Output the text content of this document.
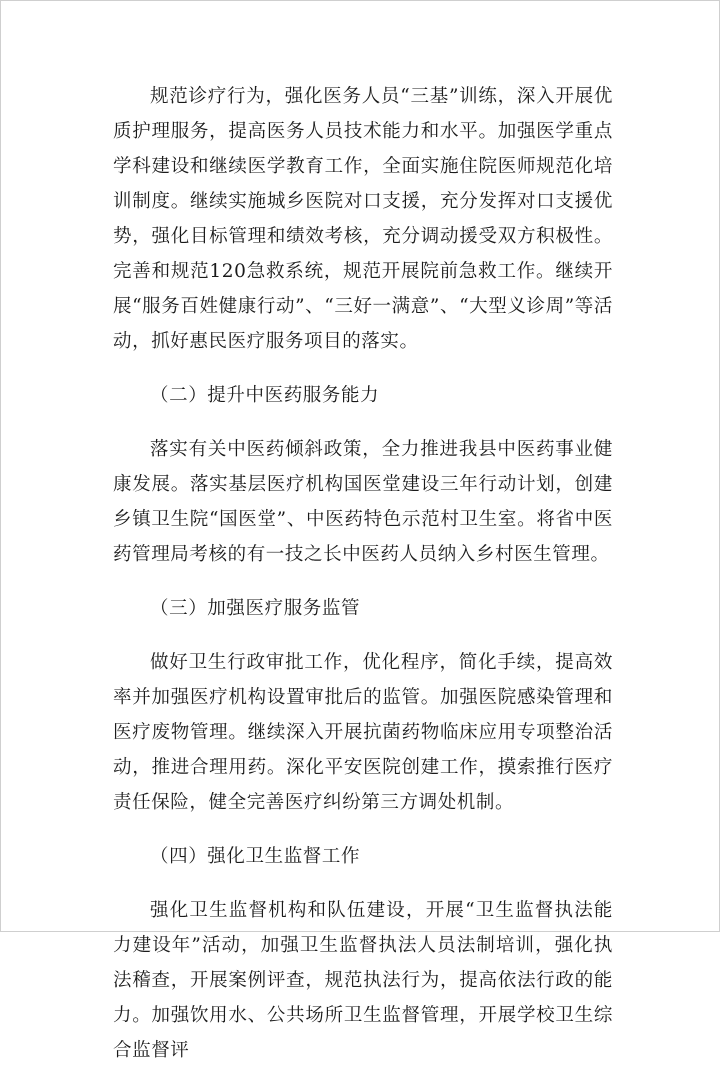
规范诊疗行为，强化医务人员“三基”训练，深入开展优质护理服务，提高医务人员技术能力和水平。加强医学重点学科建设和继续医学教育工作，全面实施住院医师规范化培训制度。继续实施城乡医院对口支援，充分发挥对口支援优势，强化目标管理和绩效考核，充分调动援受双方积极性。完善和规范120急救系统，规范开展院前急救工作。继续开展“服务百姓健康行动”、“三好一满意”、“大型义诊周”等活动，抓好惠民医疗服务项目的落实。

（二）提升中医药服务能力

落实有关中医药倾斜政策，全力推进我县中医药事业健康发展。落实基层医疗机构国医堂建设三年行动计划，创建乡镇卫生院“国医堂”、中医药特色示范村卫生室。将省中医药管理局考核的有一技之长中医药人员纳入乡村医生管理。

（三）加强医疗服务监管

做好卫生行政审批工作，优化程序，简化手续，提高效率并加强医疗机构设置审批后的监管。加强医院感染管理和医疗废物管理。继续深入开展抗菌药物临床应用专项整治活动，推进合理用药。深化平安医院创建工作，摸索推行医疗责任保险，健全完善医疗纠纷第三方调处机制。

（四）强化卫生监督工作

强化卫生监督机构和队伍建设，开展“卫生监督执法能力建设年”活动，加强卫生监督执法人员法制培训，强化执法稽查，开展案例评查，规范执法行为，提高依法行政的能力。加强饮用水、公共场所卫生监督管理，开展学校卫生综合监督评
